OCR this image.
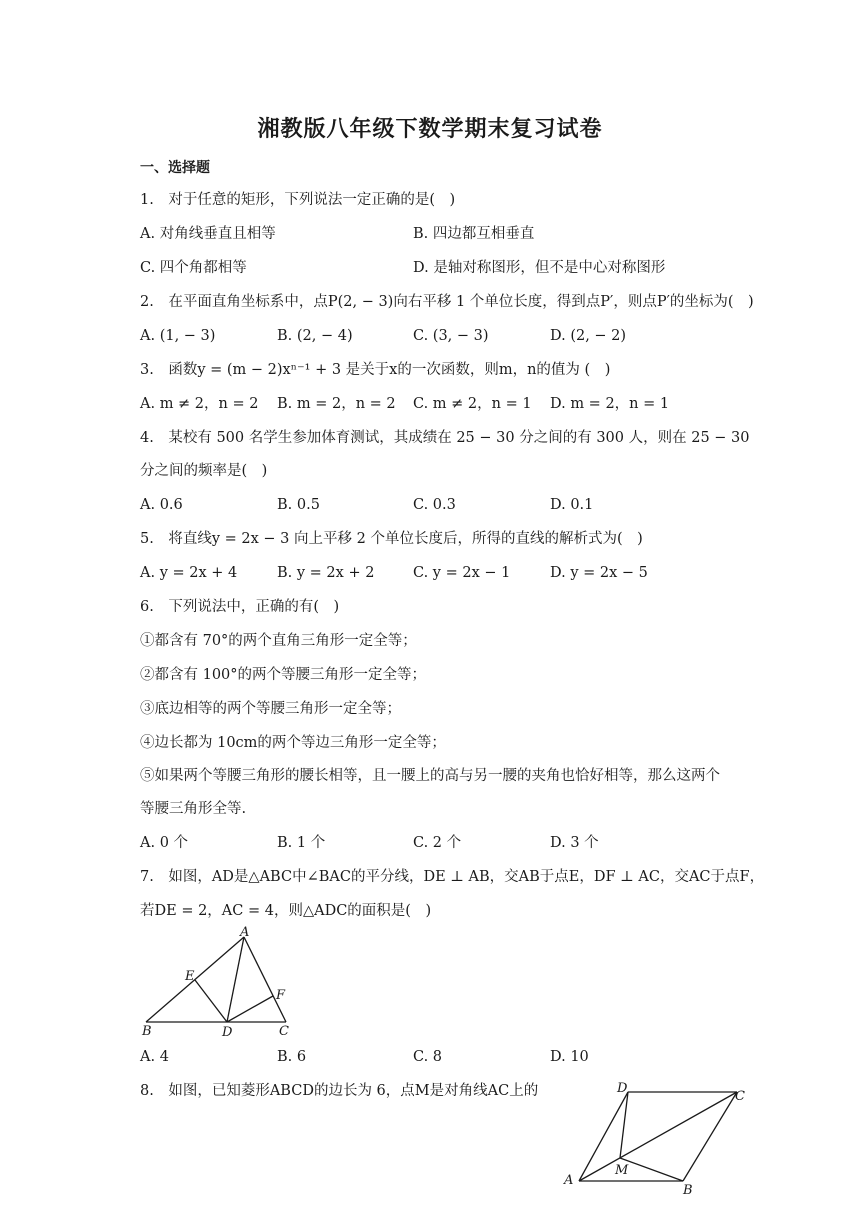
湘教版八年级下数学期末复习试卷
一、选择题
1.　对于任意的矩形，下列说法一定正确的是(　)
A. 对角线垂直且相等	B. 四边都互相垂直
C. 四个角都相等	D. 是轴对称图形，但不是中心对称图形
2.　在平面直角坐标系中，点P(2, − 3)向右平移 1 个单位长度，得到点P′，则点P′的坐标为(　)
A. (1, − 3)	B. (2, − 4)	C. (3, − 3)	D. (2, − 2)
3.　函数y = (m − 2)xⁿ⁻¹ + 3 是关于x的一次函数，则m，n的值为 (　)
A. m ≠ 2，n = 2 B. m = 2，n = 2 C. m ≠ 2，n = 1 D. m = 2，n = 1
4.　某校有 500 名学生参加体育测试，其成绩在 25 − 30 分之间的有 300 人，则在 25 − 30
分之间的频率是(　)
A. 0.6	B. 0.5	C. 0.3	D. 0.1
5.　将直线y = 2x − 3 向上平移 2 个单位长度后，所得的直线的解析式为(　)
A. y = 2x + 4	B. y = 2x + 2	C. y = 2x − 1	D. y = 2x − 5
6.　下列说法中，正确的有(　)
①都含有 70°的两个直角三角形一定全等；
②都含有 100°的两个等腰三角形一定全等；
③底边相等的两个等腰三角形一定全等；
④边长都为 10cm的两个等边三角形一定全等；
⑤如果两个等腰三角形的腰长相等，且一腰上的高与另一腰的夹角也恰好相等，那么这两个
等腰三角形全等.
A. 0 个	B. 1 个	C. 2 个	D. 3 个
7.　如图，AD是△ABC中∠BAC的平分线，DE ⊥ AB，交AB于点E，DF ⊥ AC，交AC于点F，
若DE = 2，AC = 4，则△ADC的面积是(　)
A
B	C
D
E
F
A. 4	B. 6	C. 8	D. 10
8.　如图，已知菱形ABCD的边长为 6，点M是对角线AC上的	D
C
A
B
M
